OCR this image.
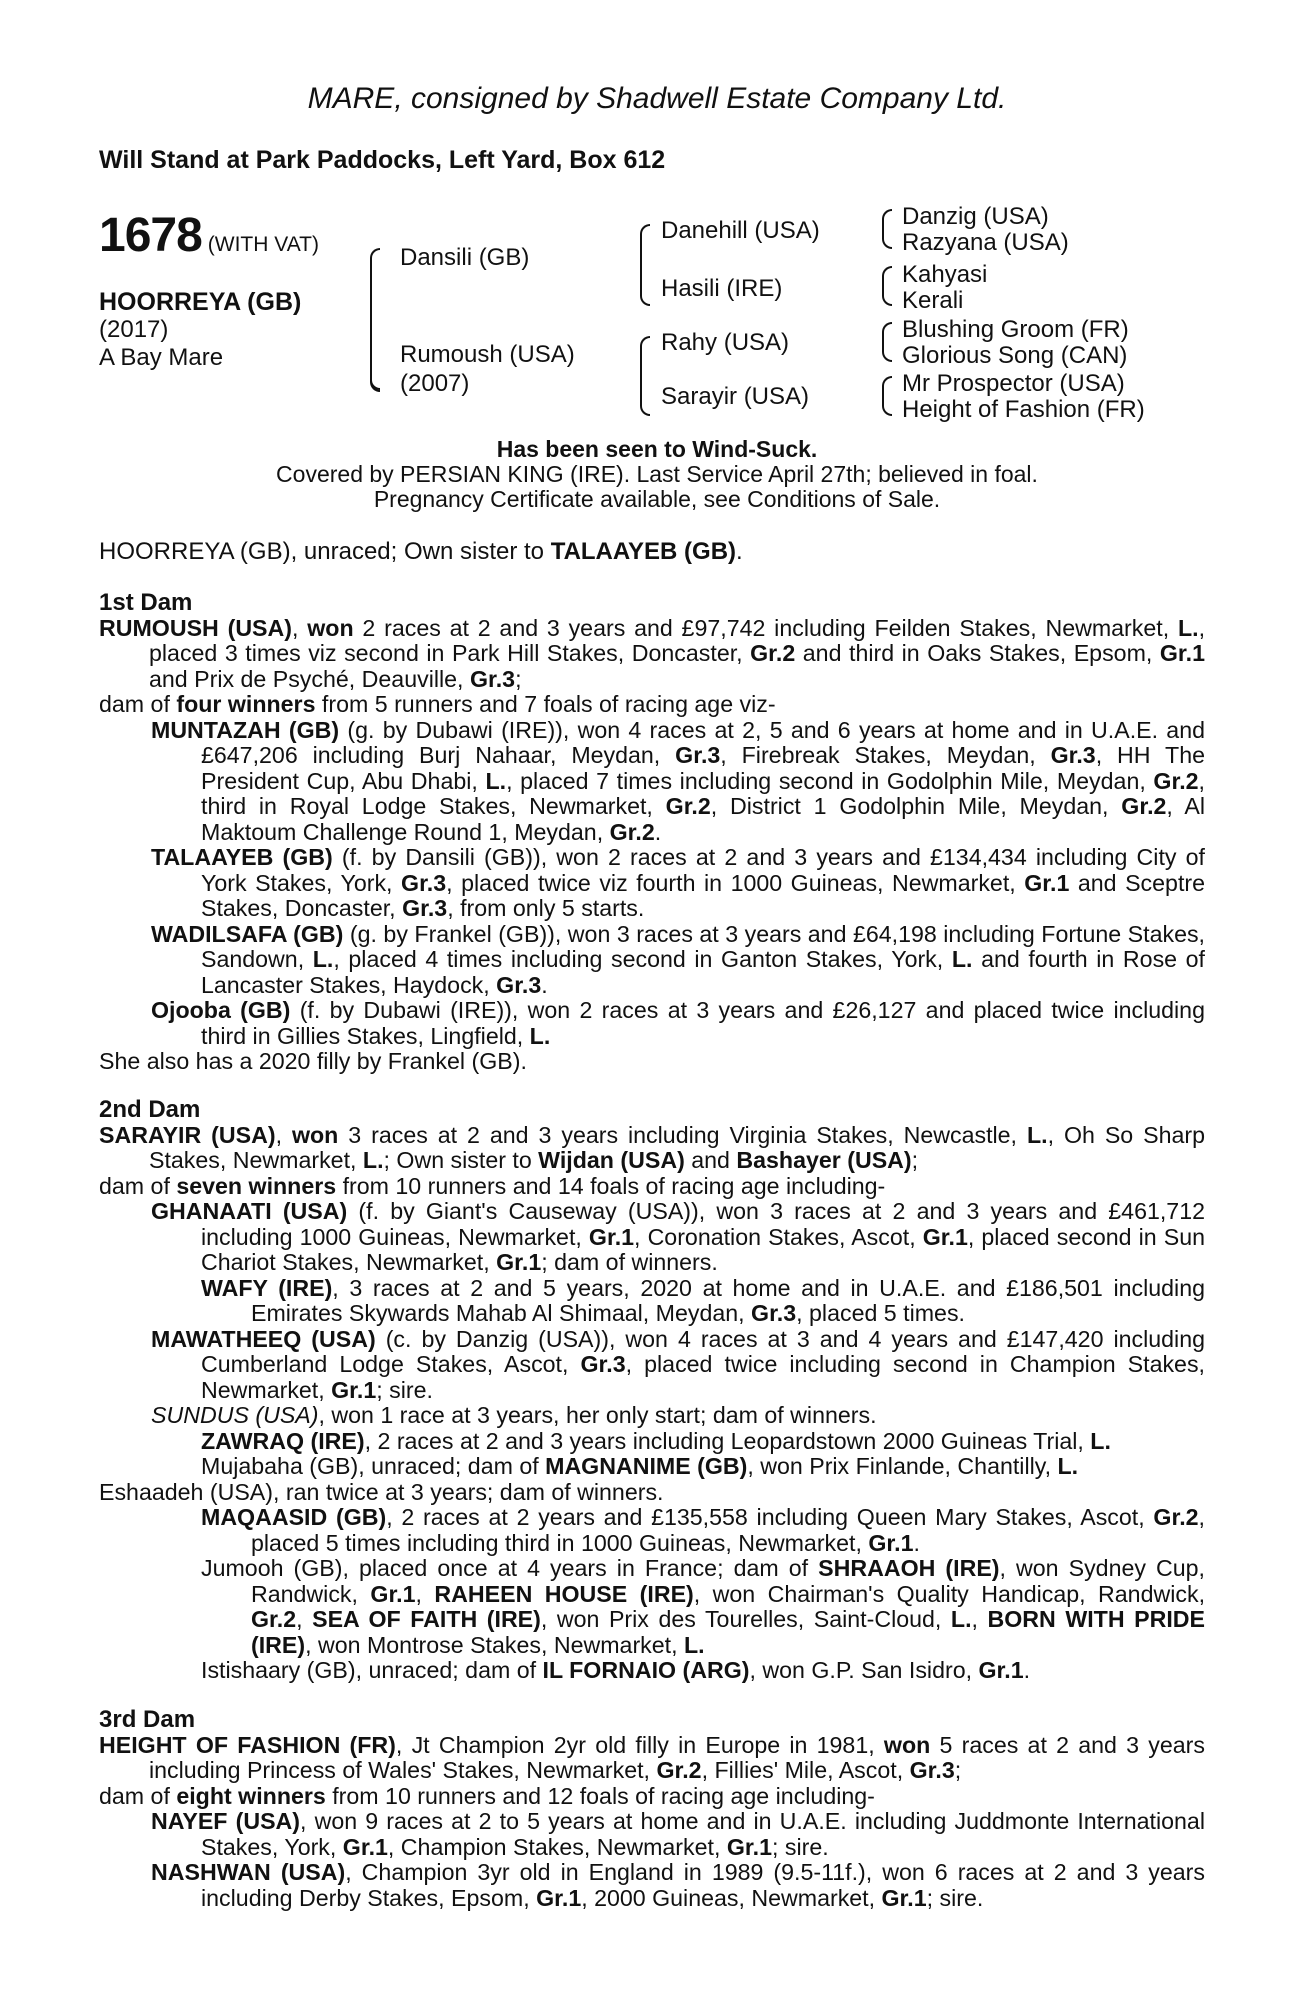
MARE, consigned by Shadwell Estate Company Ltd.
Will Stand at Park Paddocks, Left Yard, Box 612
1678 (WITH VAT)
HOORREYA (GB)
(2017)
A Bay Mare
Dansili (GB)
Rumoush (USA)
(2007)
Danehill (USA)
Hasili (IRE)
Rahy (USA)
Sarayir (USA)
Danzig (USA)
Razyana (USA)
Kahyasi
Kerali
Blushing Groom (FR)
Glorious Song (CAN)
Mr Prospector (USA)
Height of Fashion (FR)
Has been seen to Wind-Suck.
Covered by PERSIAN KING (IRE). Last Service April 27th; believed in foal.
Pregnancy Certificate available, see Conditions of Sale.
HOORREYA (GB), unraced; Own sister to TALAAYEB (GB).
1st Dam

RUMOUSH (USA), won 2 races at 2 and 3 years and £97,742 including Feilden Stakes, Newmarket, L., placed 3 times viz second in Park Hill Stakes, Doncaster, Gr.2 and third in Oaks Stakes, Epsom, Gr.1 and Prix de Psyché, Deauville, Gr.3;

dam of four winners from 5 runners and 7 foals of racing age viz-

MUNTAZAH (GB) (g. by Dubawi (IRE)), won 4 races at 2, 5 and 6 years at home and in U.A.E. and £647,206 including Burj Nahaar, Meydan, Gr.3, Firebreak Stakes, Meydan, Gr.3, HH The President Cup, Abu Dhabi, L., placed 7 times including second in Godolphin Mile, Meydan, Gr.2, third in Royal Lodge Stakes, Newmarket, Gr.2, District 1 Godolphin Mile, Meydan, Gr.2, Al Maktoum Challenge Round 1, Meydan, Gr.2.

TALAAYEB (GB) (f. by Dansili (GB)), won 2 races at 2 and 3 years and £134,434 including City of York Stakes, York, Gr.3, placed twice viz fourth in 1000 Guineas, Newmarket, Gr.1 and Sceptre Stakes, Doncaster, Gr.3, from only 5 starts.

WADILSAFA (GB) (g. by Frankel (GB)), won 3 races at 3 years and £64,198 including Fortune Stakes, Sandown, L., placed 4 times including second in Ganton Stakes, York, L. and fourth in Rose of Lancaster Stakes, Haydock, Gr.3.

Ojooba (GB) (f. by Dubawi (IRE)), won 2 races at 3 years and £26,127 and placed twice including third in Gillies Stakes, Lingfield, L.

She also has a 2020 filly by Frankel (GB).

2nd Dam

SARAYIR (USA), won 3 races at 2 and 3 years including Virginia Stakes, Newcastle, L., Oh So Sharp Stakes, Newmarket, L.; Own sister to Wijdan (USA) and Bashayer (USA);

dam of seven winners from 10 runners and 14 foals of racing age including-

GHANAATI (USA) (f. by Giant's Causeway (USA)), won 3 races at 2 and 3 years and £461,712 including 1000 Guineas, Newmarket, Gr.1, Coronation Stakes, Ascot, Gr.1, placed second in Sun Chariot Stakes, Newmarket, Gr.1; dam of winners.

WAFY (IRE), 3 races at 2 and 5 years, 2020 at home and in U.A.E. and £186,501 including Emirates Skywards Mahab Al Shimaal, Meydan, Gr.3, placed 5 times.

MAWATHEEQ (USA) (c. by Danzig (USA)), won 4 races at 3 and 4 years and £147,420 including Cumberland Lodge Stakes, Ascot, Gr.3, placed twice including second in Champion Stakes, Newmarket, Gr.1; sire.

SUNDUS (USA), won 1 race at 3 years, her only start; dam of winners.

ZAWRAQ (IRE), 2 races at 2 and 3 years including Leopardstown 2000 Guineas Trial, L.

Mujabaha (GB), unraced; dam of MAGNANIME (GB), won Prix Finlande, Chantilly, L.

Eshaadeh (USA), ran twice at 3 years; dam of winners.

MAQAASID (GB), 2 races at 2 years and £135,558 including Queen Mary Stakes, Ascot, Gr.2, placed 5 times including third in 1000 Guineas, Newmarket, Gr.1.

Jumooh (GB), placed once at 4 years in France; dam of SHRAAOH (IRE), won Sydney Cup, Randwick, Gr.1, RAHEEN HOUSE (IRE), won Chairman's Quality Handicap, Randwick, Gr.2, SEA OF FAITH (IRE), won Prix des Tourelles, Saint-Cloud, L., BORN WITH PRIDE (IRE), won Montrose Stakes, Newmarket, L.

Istishaary (GB), unraced; dam of IL FORNAIO (ARG), won G.P. San Isidro, Gr.1.

3rd Dam

HEIGHT OF FASHION (FR), Jt Champion 2yr old filly in Europe in 1981, won 5 races at 2 and 3 years including Princess of Wales' Stakes, Newmarket, Gr.2, Fillies' Mile, Ascot, Gr.3;

dam of eight winners from 10 runners and 12 foals of racing age including-

NAYEF (USA), won 9 races at 2 to 5 years at home and in U.A.E. including Juddmonte International Stakes, York, Gr.1, Champion Stakes, Newmarket, Gr.1; sire.

NASHWAN (USA), Champion 3yr old in England in 1989 (9.5-11f.), won 6 races at 2 and 3 years including Derby Stakes, Epsom, Gr.1, 2000 Guineas, Newmarket, Gr.1; sire.
